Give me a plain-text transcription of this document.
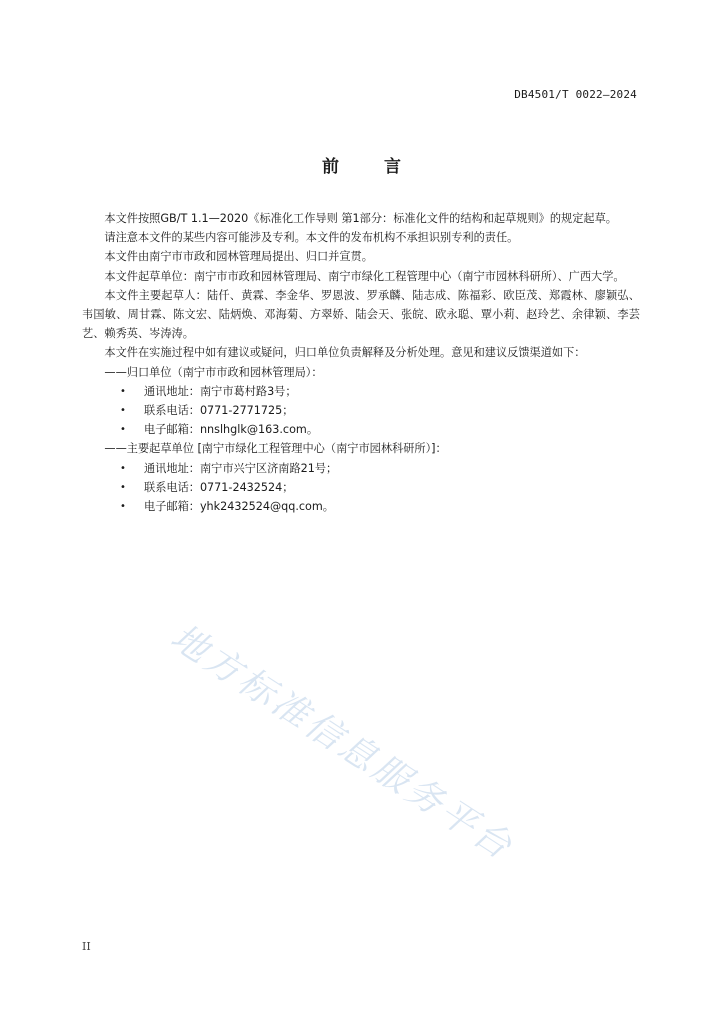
DB4501/T 0022—2024
前	言

本文件按照GB/T 1.1—2020《标准化工作导则 第1部分：标准化文件的结构和起草规则》的规定起草。

请注意本文件的某些内容可能涉及专利。本文件的发布机构不承担识别专利的责任。

本文件由南宁市市政和园林管理局提出、归口并宣贯。

本文件起草单位：南宁市市政和园林管理局、南宁市绿化工程管理中心（南宁市园林科研所）、广西大学。

本文件主要起草人：陆仟、黄霖、李金华、罗恩波、罗承麟、陆志成、陈福彩、欧臣茂、郑霞林、廖颖弘、韦国敏、周甘霖、陈文宏、陆炳焕、邓海菊、方翠娇、陆会天、张皖、欧永聪、覃小莉、赵玲艺、余律颖、李芸艺、赖秀英、岑涛涛。

本文件在实施过程中如有建议或疑问，归口单位负责解释及分析处理。意见和建议反馈渠道如下：

——归口单位（南宁市市政和园林管理局）：

• 通讯地址：南宁市葛村路3号；

• 联系电话：0771-2771725；

• 电子邮箱：nnslhglk@163.com。

——主要起草单位 [南宁市绿化工程管理中心（南宁市园林科研所）]：

• 通讯地址：南宁市兴宁区济南路21号；

• 联系电话：0771-2432524；

• 电子邮箱：yhk2432524@qq.com。

地方标准信息服务平台
II
